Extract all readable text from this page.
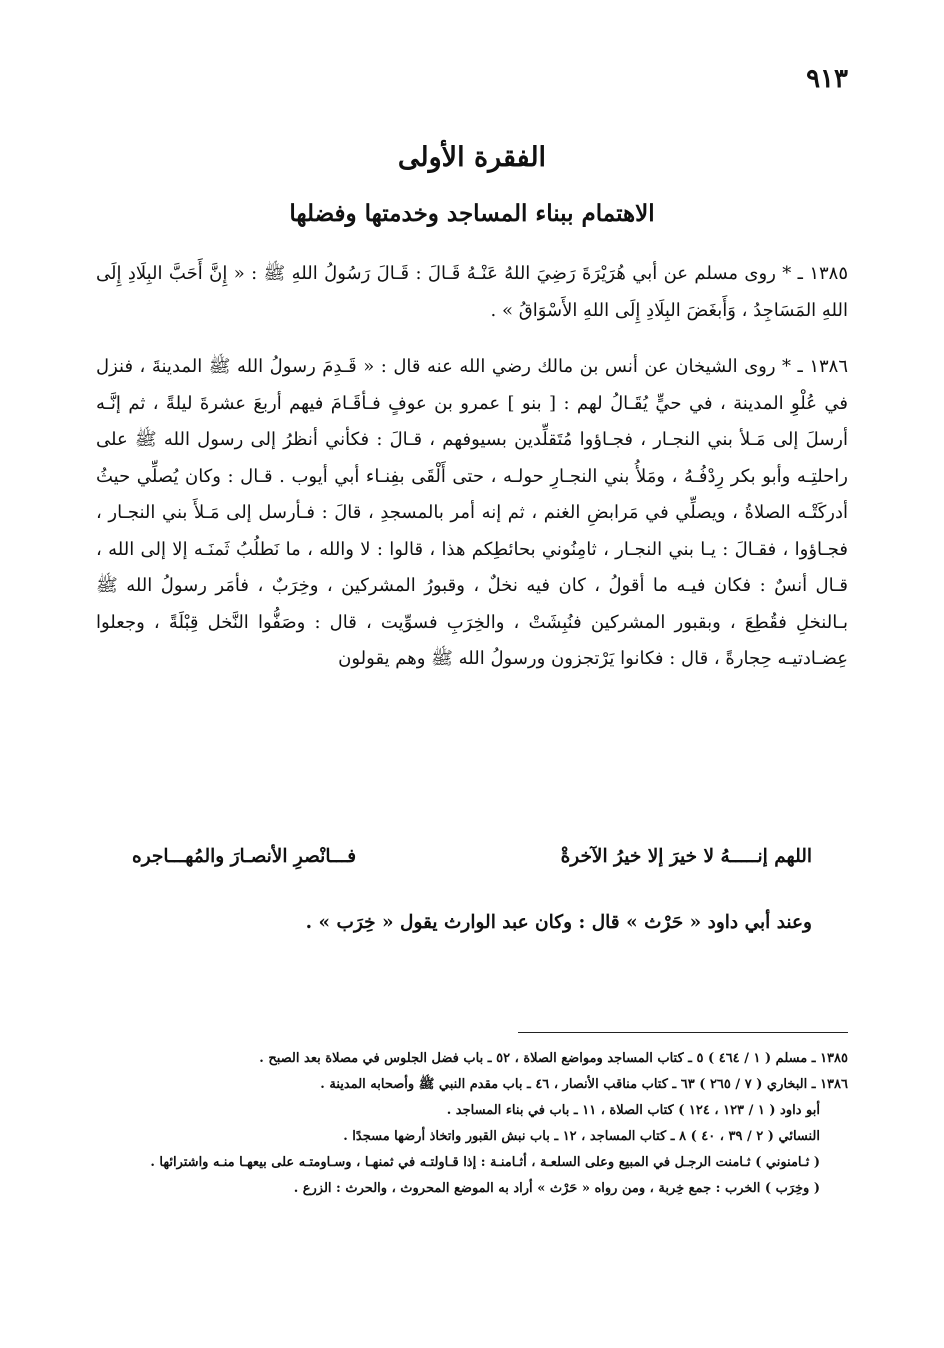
٩١٣
الفقرة الأولى
الاهتمام ببناء المساجد وخدمتها وفضلها

١٣٨٥ ـ * روى مسلم عن أبي هُرَيْرَةَ رَضِيَ اللهُ عَنْـهُ قَـالَ : قَـالَ رَسُولُ اللهِ ﷺ : « إِنَّ أَحَبَّ البِلَادِ إِلَى اللهِ المَسَاجِدُ ، وَأَبغَضَ البِلَادِ إِلَى اللهِ الأَسْوَاقُ » .

١٣٨٦ ـ * روى الشيخان عن أنس بن مالك رضي الله عنه قال : « قَـدِمَ رسولُ الله ﷺ المدينةَ ، فنزل في عُلْوِ المدينة ، في حيٍّ يُقَـالُ لهم : [ بنو ] عمرو بن عوفٍ فـأقَـامَ فيهم أربعَ عشرةَ ليلةً ، ثم إنَّـه أرسلَ إلى مَـلأ بني النجـار ، فجـاؤوا مُتَقلِّدين بسيوفهم ، قـالَ : فكأني أنظرُ إلى رسول الله ﷺ على راحلتِـه وأبو بكر رِدْفُـهُ ، ومَلأُ بني النجـارِ حولـه ، حتى أَلْقَى بفِنـاء أبي أيوب . قـال : وكان يُصلِّي حيثُ أدركَتْـه الصلاةُ ، ويصلِّي في مَرابضِ الغنم ، ثم إنه أمر بالمسجدِ ، قالَ : فـأرسل إلى مَـلأَ بني النجـار ، فجـاؤوا ، فقـالَ : يـا بني النجـار ، ثامِنُوني بحائطِكم هذا ، قالوا : لا والله ، ما نَطلُبُ ثَمنَـه إلا إلى الله ، قـال أنسٌ : فكان فيـه ما أقولُ ، كان فيه نخلٌ ، وقبورُ المشركين ، وخِرَبٌ ، فأمَر رسولُ الله ﷺ بـالنخلِ فقُطِعَ ، وبقبور المشركين فنُبِشَتْ ، والخِرَبِ فسوِّيت ، قال : وصَفُّوا النَّخل قِبْلَةً ، وجعلوا عِضـادتيـه حِجارةً ، قال : فكانوا يَرْتجزون ورسولُ الله ﷺ وهم يقولون

اللهم إنـــــهُ لا خيرَ إلا خيرُ الآخرةْ
فـــانْصرِ الأنصـارَ والمُهـــاجره
وعند أبي داود « حَرْث » قال : وكان عبد الوارث يقول « خِرَب » .

١٣٨٥ ـ مسلم ( ١ / ٤٦٤ ) ٥ ـ كتاب المساجد ومواضع الصلاة ، ٥٢ ـ باب فضل الجلوس في مصلاة بعد الصبح .

١٣٨٦ ـ البخاري ( ٧ / ٢٦٥ ) ٦٣ ـ كتاب مناقب الأنصار ، ٤٦ ـ باب مقدم النبي ﷺ وأصحابه المدينة .

أبو داود ( ١ / ١٢٣ ، ١٢٤ ) كتاب الصلاة ، ١١ ـ باب في بناء المساجد .

النسائي ( ٢ / ٣٩ ، ٤٠ ) ٨ ـ كتاب المساجد ، ١٢ ـ باب نبش القبور واتخاذ أرضها مسجدًا .

( ثـامنوني ) ثـامنت الرجـل في المبيع وعلى السلعـة ، أثـامنـة : إذا قـاولتـه في ثمنهـا ، وسـاومتـه على بيعهـا منـه واشترائها .

( وخِرَب ) الخرب : جمع خِربة ، ومن رواه « حَرْث » أراد به الموضع المحروث ، والحرث : الزرع .
